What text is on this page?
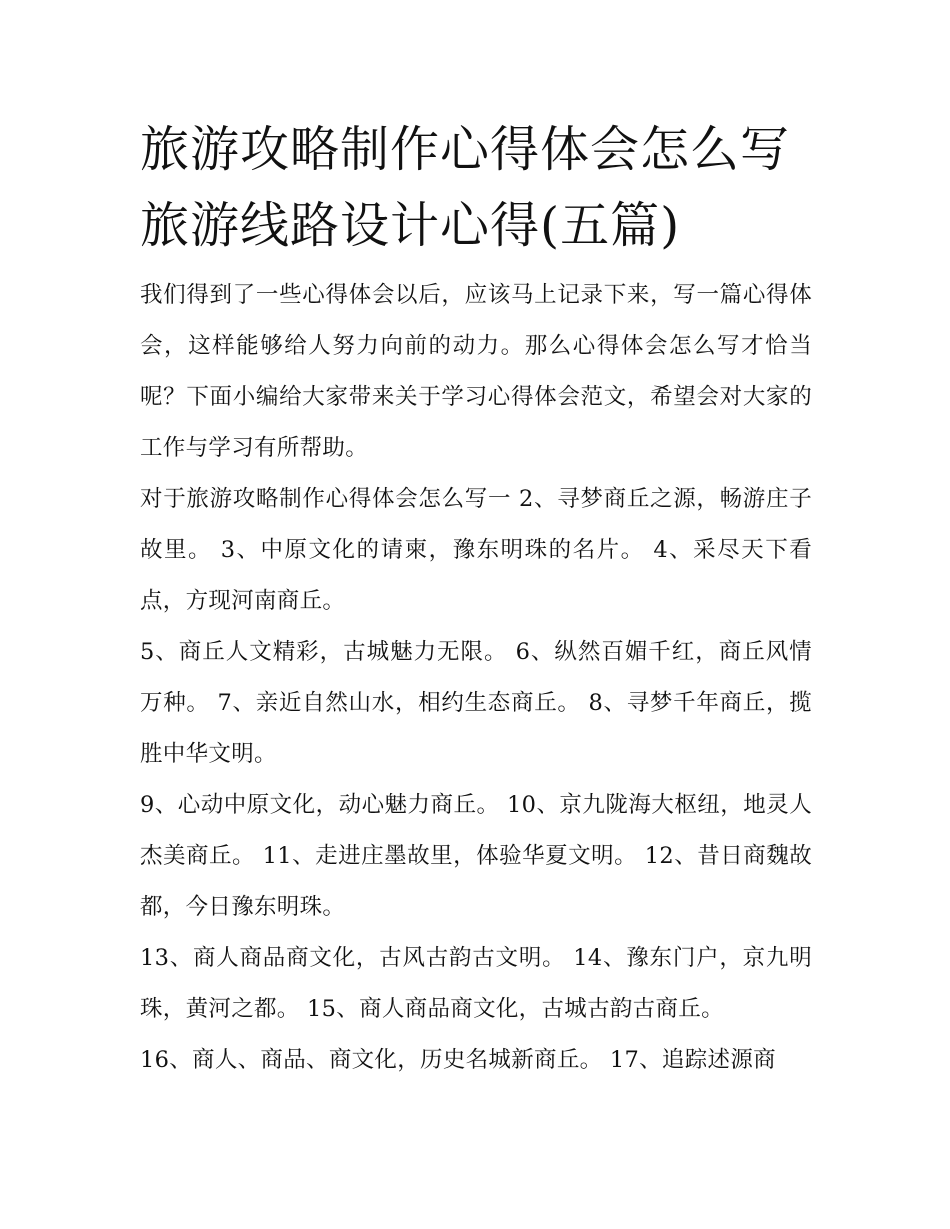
旅游攻略制作心得体会怎么写
旅游线路设计心得(五篇)

我们得到了一些心得体会以后，应该马上记录下来，写一篇心得体会，这样能够给人努力向前的动力。那么心得体会怎么写才恰当呢？下面小编给大家带来关于学习心得体会范文，希望会对大家的工作与学习有所帮助。

对于旅游攻略制作心得体会怎么写一 2、寻梦商丘之源，畅游庄子故里。 3、中原文化的请柬，豫东明珠的名片。 4、采尽天下看点，方现河南商丘。

5、商丘人文精彩，古城魅力无限。 6、纵然百媚千红，商丘风情万种。 7、亲近自然山水，相约生态商丘。 8、寻梦千年商丘，揽胜中华文明。

9、心动中原文化，动心魅力商丘。 10、京九陇海大枢纽，地灵人杰美商丘。 11、走进庄墨故里，体验华夏文明。 12、昔日商魏故都，今日豫东明珠。

13、商人商品商文化，古风古韵古文明。 14、豫东门户，京九明珠，黄河之都。 15、商人商品商文化，古城古韵古商丘。

16、商人、商品、商文化，历史名城新商丘。 17、追踪述源商
